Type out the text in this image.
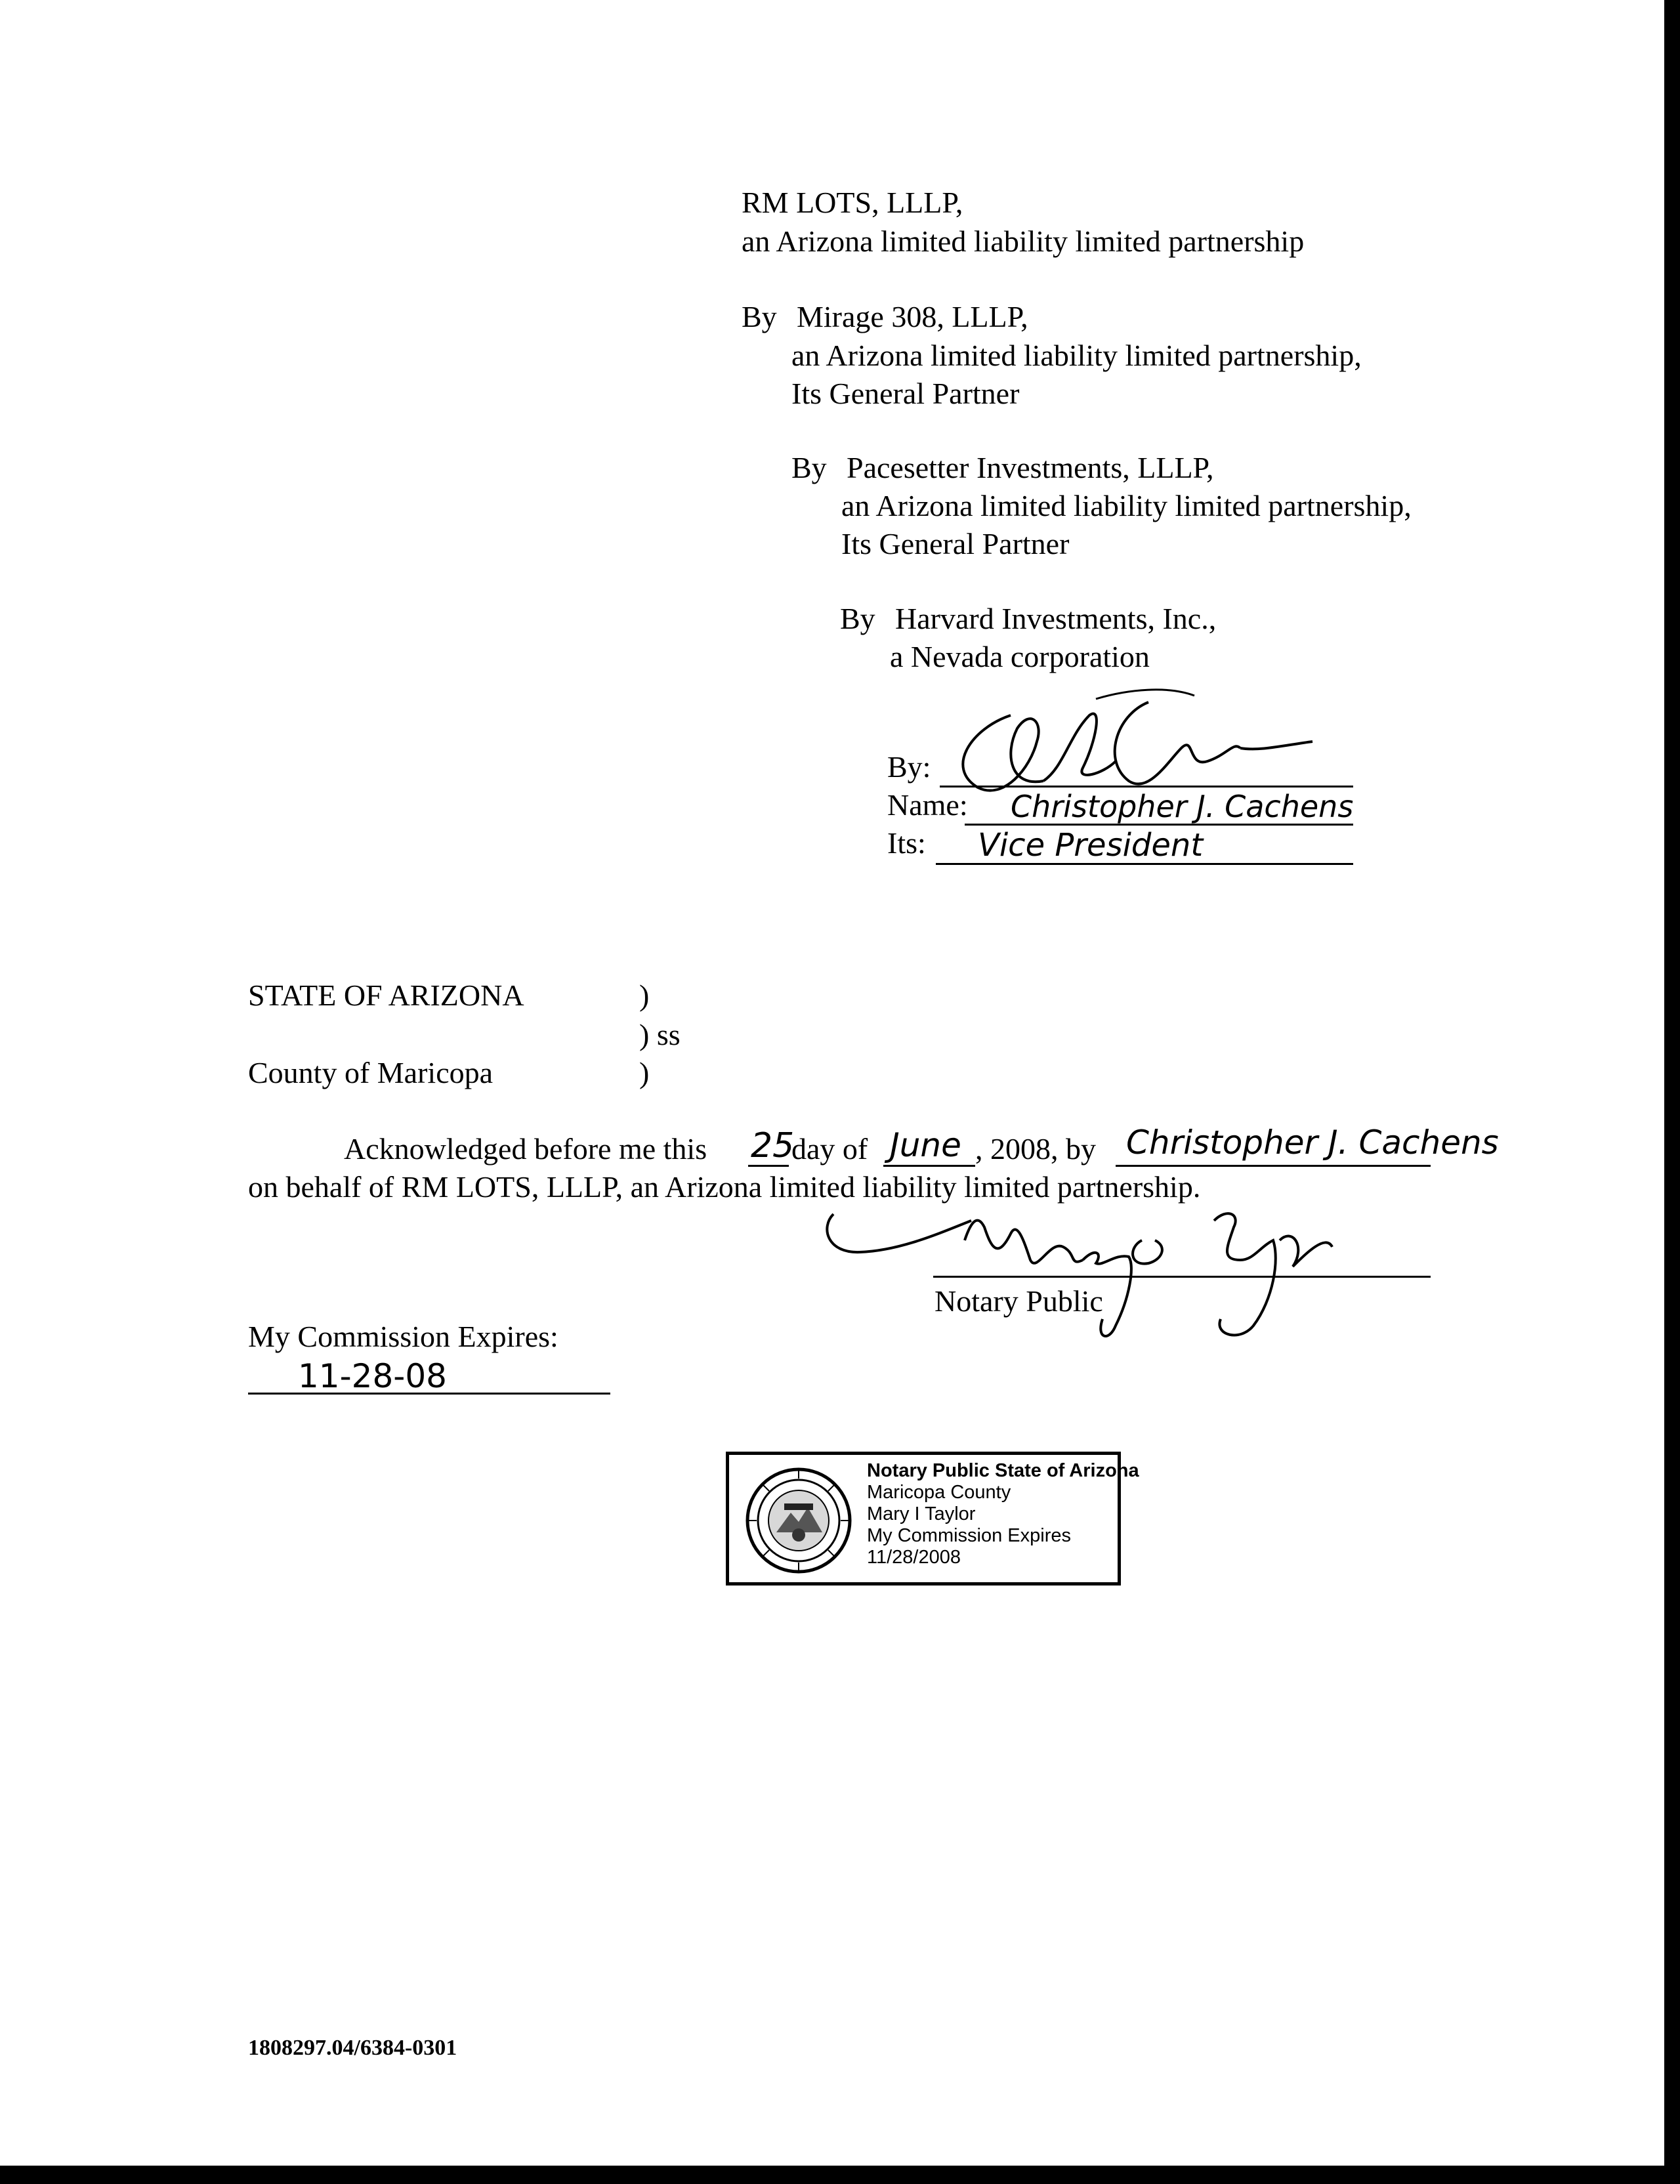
RM LOTS, LLLP,
an Arizona limited liability limited partnership
By Mirage 308, LLLP,
an Arizona limited liability limited partnership,
Its General Partner
By Pacesetter Investments, LLLP,
an Arizona limited liability limited partnership,
Its General Partner
By Harvard Investments, Inc.,
a Nevada corporation
By:
Name: Christopher J. Cachens
Its: Vice President
STATE OF ARIZONA	)
) ss
County of Maricopa	)
Acknowledged before me this 25
day of June , 2008, by Christopher J. Cachens
on behalf of RM LOTS, LLLP, an Arizona limited liability limited partnership.
Notary Public
My Commission Expires:
11-28-08
Notary Public State of Arizona
Maricopa County
Mary I Taylor
My Commission Expires
11/28/2008
1808297.04/6384-0301
